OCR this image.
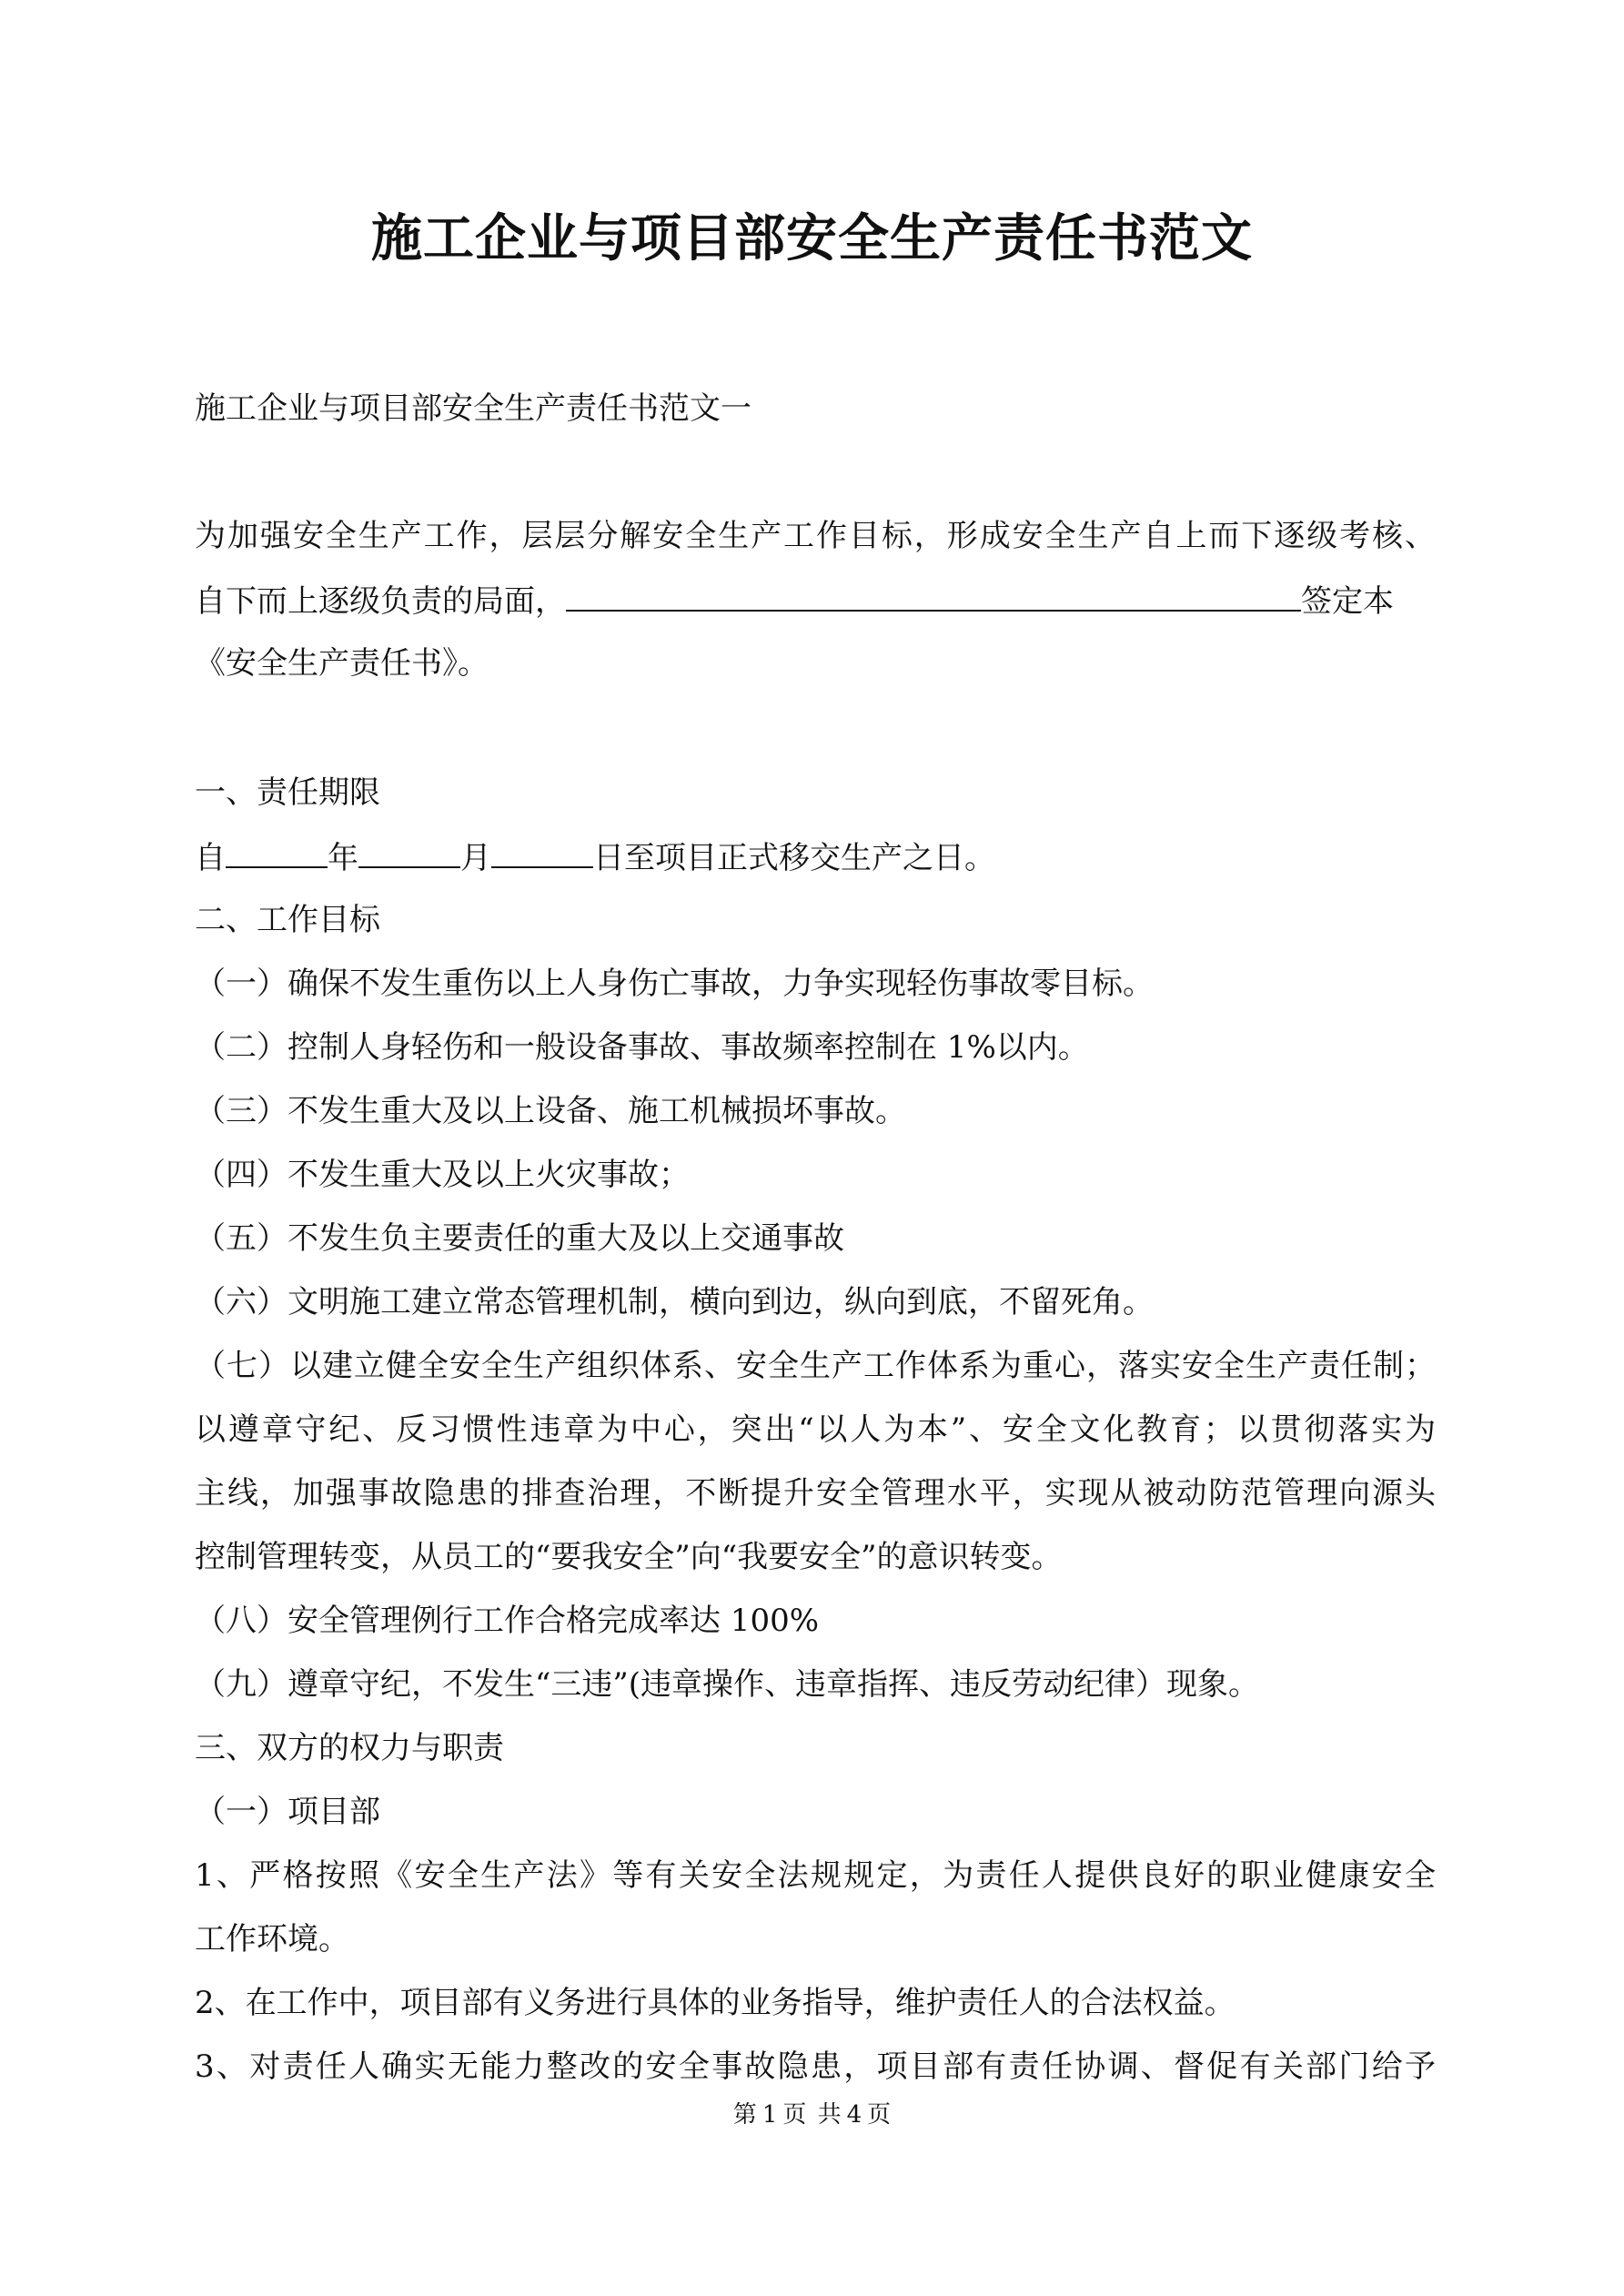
施工企业与项目部安全生产责任书范文

施工企业与项目部安全生产责任书范文一

为加强安全生产工作，层层分解安全生产工作目标，形成安全生产自上而下逐级考核、

自下而上逐级负责的局面，	签定本

《安全生产责任书》。

一、责任期限

自	年	月	日至项目正式移交生产之日。

二、工作目标

（一）确保不发生重伤以上人身伤亡事故，力争实现轻伤事故零目标。

（二）控制人身轻伤和一般设备事故、事故频率控制在 1%以内。

（三）不发生重大及以上设备、施工机械损坏事故。

（四）不发生重大及以上火灾事故；

（五）不发生负主要责任的重大及以上交通事故

（六）文明施工建立常态管理机制，横向到边，纵向到底，不留死角。

（七）以建立健全安全生产组织体系、安全生产工作体系为重心，落实安全生产责任制；

以遵章守纪、反习惯性违章为中心，突出“以人为本”、安全文化教育；以贯彻落实为

主线，加强事故隐患的排查治理，不断提升安全管理水平，实现从被动防范管理向源头

控制管理转变，从员工的“要我安全”向“我要安全”的意识转变。

（八）安全管理例行工作合格完成率达 100%

（九）遵章守纪，不发生“三违”(违章操作、违章指挥、违反劳动纪律）现象。

三、双方的权力与职责

（一）项目部

1、严格按照《安全生产法》等有关安全法规规定，为责任人提供良好的职业健康安全

工作环境。

2、在工作中，项目部有义务进行具体的业务指导，维护责任人的合法权益。

3、对责任人确实无能力整改的安全事故隐患，项目部有责任协调、督促有关部门给予

第 1 页 共 4 页
